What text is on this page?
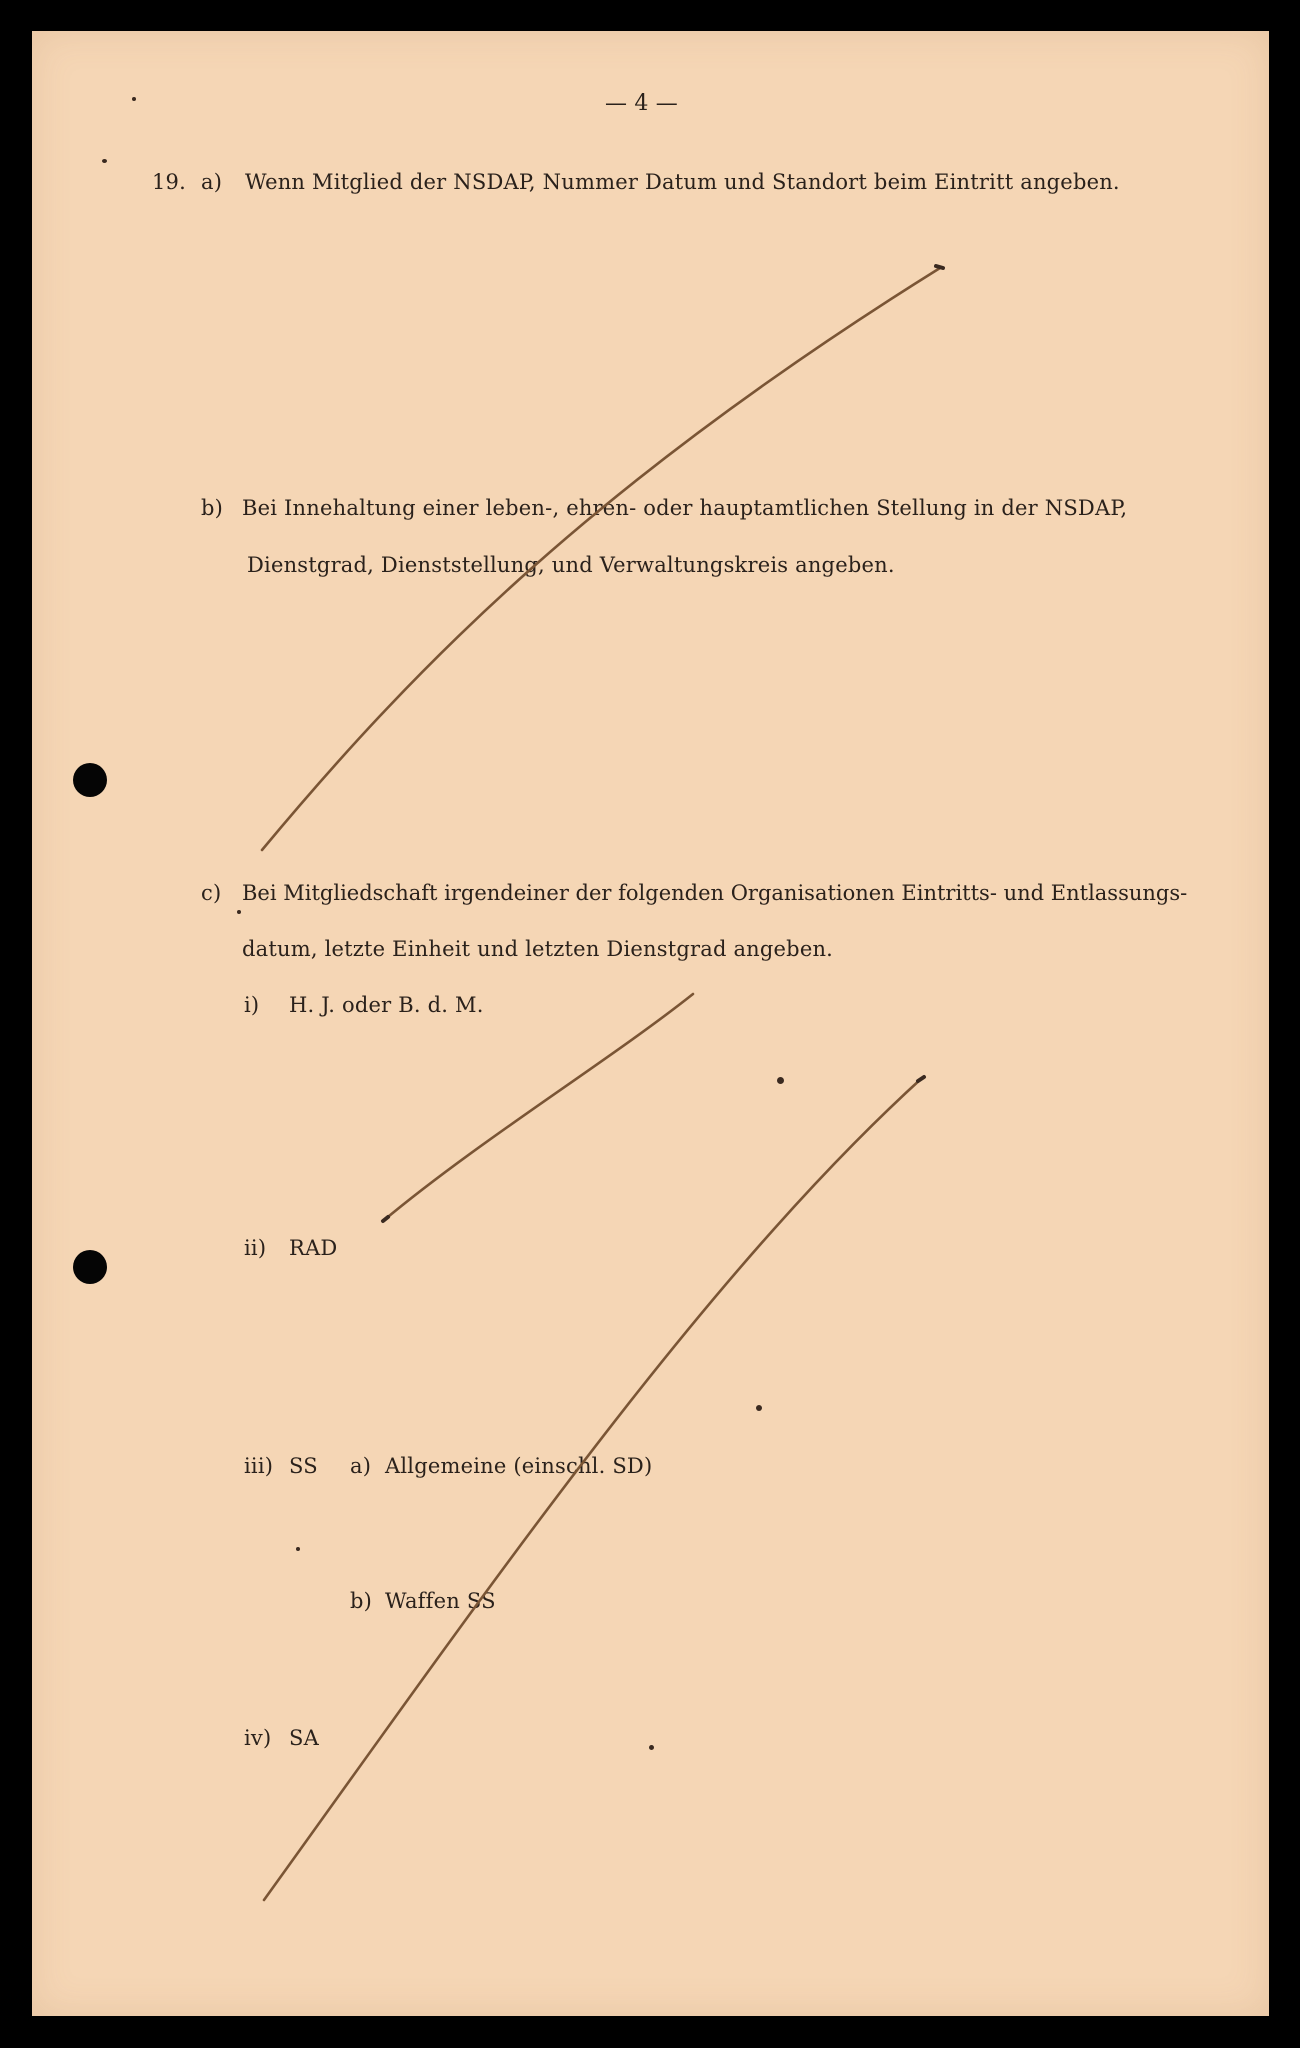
— 4 —
19. a) Wenn Mitglied der NSDAP, Nummer Datum und Standort beim Eintritt angeben.
b) Bei Innehaltung einer leben-, ehren- oder hauptamtlichen Stellung in der NSDAP,
Dienstgrad, Dienststellung, und Verwaltungskreis angeben.
c) Bei Mitgliedschaft irgendeiner der folgenden Organisationen Eintritts- und Entlassungs-
datum, letzte Einheit und letzten Dienstgrad angeben.
i) H. J. oder B. d. M.
ii) RAD
iii) SS a) Allgemeine (einschl. SD)
b) Waffen SS
iv) SA
